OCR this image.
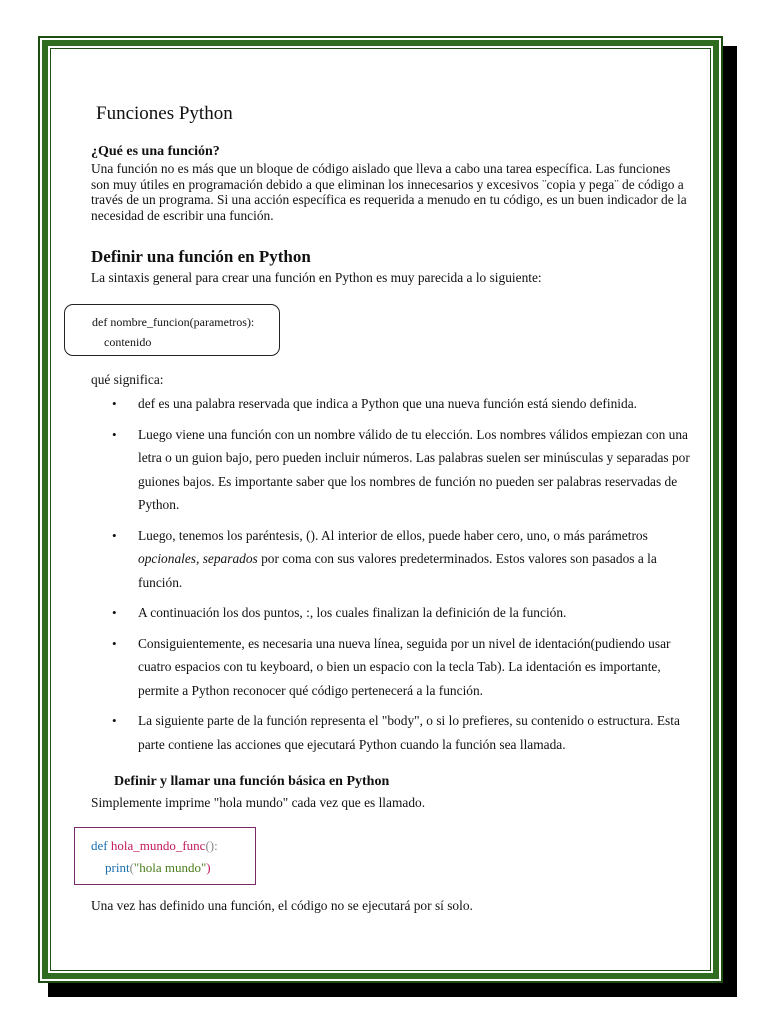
Funciones Python
¿Qué es una función?
Una función no es más que un bloque de código aislado que lleva a cabo una tarea específica. Las funciones son muy útiles en programación debido a que eliminan los innecesarios y excesivos ¨copia y pega¨ de código a través de un programa. Si una acción específica es requerida a menudo en tu código, es un buen indicador de la necesidad de escribir una función.
Definir una función en Python
La sintaxis general para crear una función en Python es muy parecida a lo siguiente:
def nombre_funcion(parametros):
contenido
qué significa:
• def es una palabra reservada que indica a Python que una nueva función está siendo definida.
• Luego viene una función con un nombre válido de tu elección. Los nombres válidos empiezan con una letra o un guion bajo, pero pueden incluir números. Las palabras suelen ser minúsculas y separadas por guiones bajos. Es importante saber que los nombres de función no pueden ser palabras reservadas de Python.
• Luego, tenemos los paréntesis, (). Al interior de ellos, puede haber cero, uno, o más parámetros opcionales, separados por coma con sus valores predeterminados. Estos valores son pasados a la función.
• A continuación los dos puntos, :, los cuales finalizan la definición de la función.
• Consiguientemente, es necesaria una nueva línea, seguida por un nivel de identación(pudiendo usar cuatro espacios con tu keyboard, o bien un espacio con la tecla Tab). La identación es importante, permite a Python reconocer qué código pertenecerá a la función.
• La siguiente parte de la función representa el "body", o si lo prefieres, su contenido o estructura. Esta parte contiene las acciones que ejecutará Python cuando la función sea llamada.
Definir y llamar una función básica en Python
Simplemente imprime "hola mundo" cada vez que es llamado.
def hola_mundo_func():
print("hola mundo")
Una vez has definido una función, el código no se ejecutará por sí solo.
